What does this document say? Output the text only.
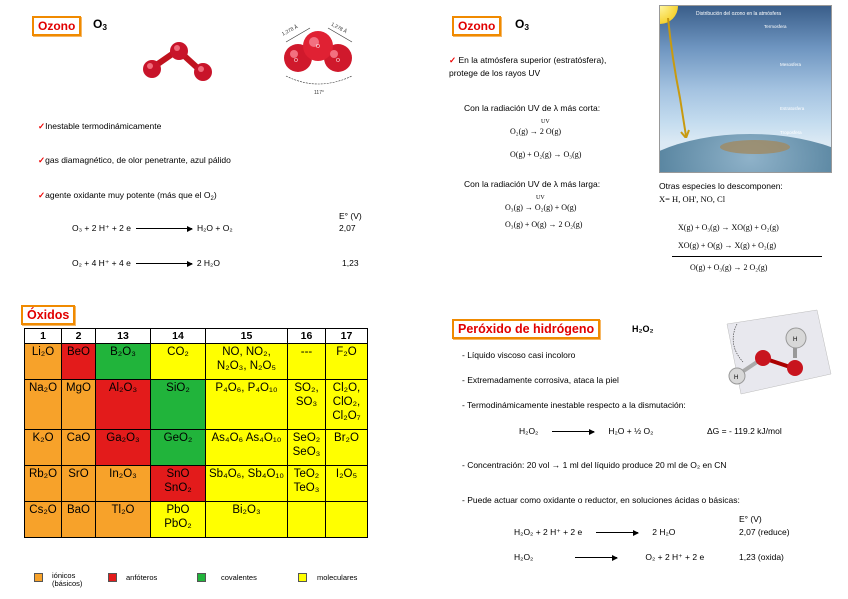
Ozono	$O_3$
O
O
O
1,278 Å	1,278 Å
117°
✓Inestable termodinámicamente
✓gas diamagnético, de olor penetrante, azul pálido
✓agente oxidante muy potente (más que el $O_2$)
E° (V)
O₃ + 2 H⁺ + 2 e	H₂O + O₂	2,07
O₂ + 4 H⁺ + 4 e	2 H₂O	1,23
Ozono	$O_3$
✓ En la atmósfera superior (estratósfera),
protege de los rayos UV
Con la radiación UV de λ más corta:
O₂(g) → 2 O(g)
UV
O(g) + O₂(g) → O₃(g)
Con la radiación UV de λ más larga:
O₃(g) → O₂(g) + O(g)
UV
O₃(g) + O(g) → 2 O₂(g)
Distribución del ozono en la atmósfera
Termosfera
Mesosfera
Estratosfera
Troposfera
Otras especies lo descomponen:
X= H, OH', NO, Cl
X(g) + O₃(g) → XO(g) + O₂(g)
XO(g) + O(g) → X(g) + O₂(g)
O(g) + O₃(g) → 2 O₂(g)
Óxidos
1	2	13	14	15	16	17
Li₂O	BeO	B₂O₃	CO₂	NO, NO₂, N₂O₃, N₂O₅	---	F₂O
Na₂O	MgO	Al₂O₃	SiO₂	P₄O₆, P₄O₁₀	SO₂, SO₃	Cl₂O, ClO₂, Cl₂O₇
K₂O	CaO	Ga₂O₃	GeO₂	As₄O₆ As₄O₁₀	SeO₂ SeO₃	Br₂O
Rb₂O	SrO	In₂O₃	SnO SnO₂	Sb₄O₆, Sb₄O₁₀	TeO₂ TeO₃	I₂O₅
Cs₂O	BaO	Tl₂O	PbO PbO₂	Bi₂O₃		
iónicos (básicos)
anfóteros	covalentes	moleculares
Peróxido de hidrógeno	H₂O₂
H
H
- Líquido viscoso casi incoloro
- Extremadamente corrosiva, ataca la piel
- Termodinámicamente inestable respecto a la dismutación:
H₂O₂	H₂O + ½ O₂	ΔG = - 119.2 kJ/mol
- Concentración: 20 vol → 1 ml del líquido produce 20 ml de O₂ en CN
- Puede actuar como oxidante o reductor, en soluciones ácidas o básicas:
E° (V)
H₂O₂ + 2 H⁺ + 2 e	2 H₂O	2,07 (reduce)
H₂O₂	O₂ + 2 H⁺ + 2 e	1,23 (oxida)
